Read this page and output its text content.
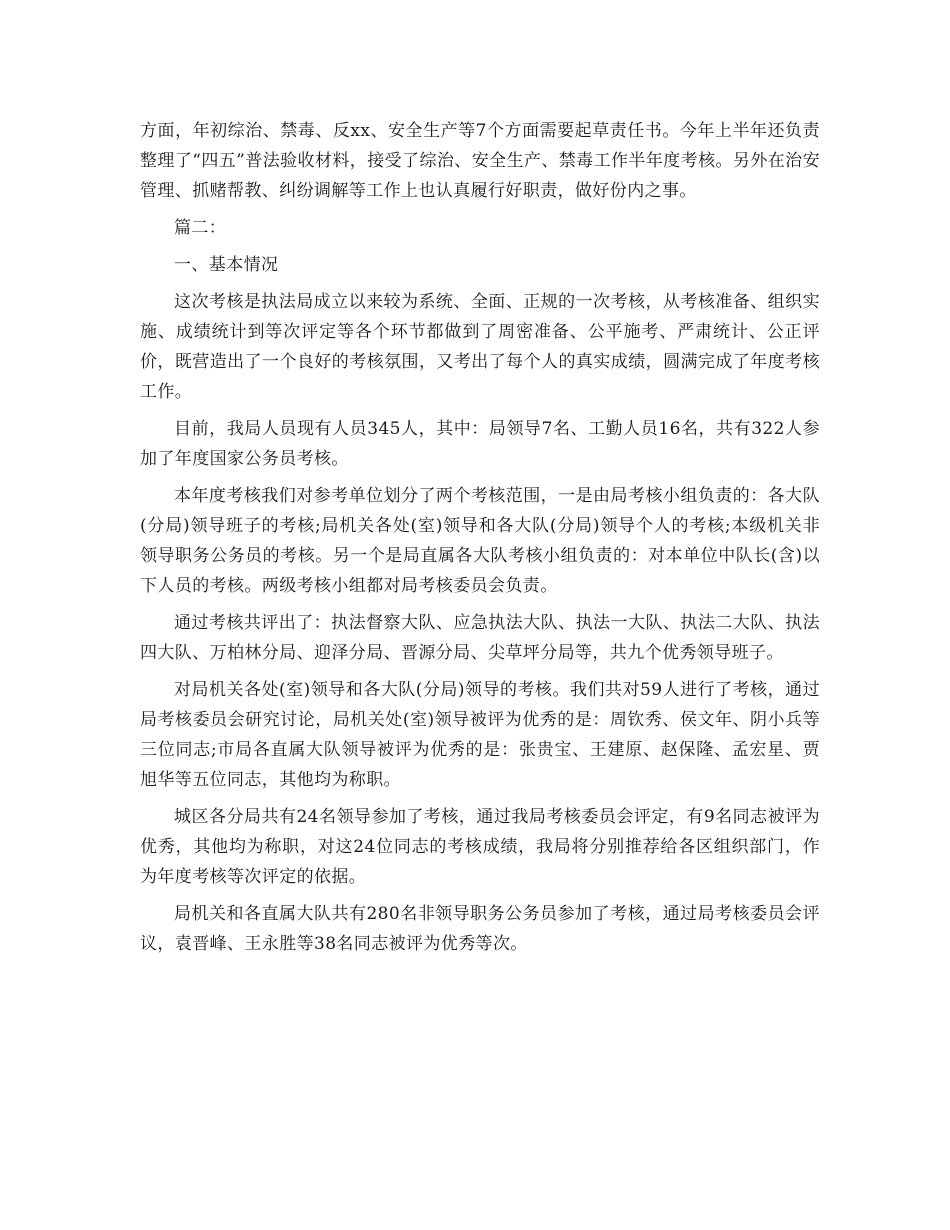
方面，年初综治、禁毒、反xx、安全生产等7个方面需要起草责任书。今年上半年还负责整理了“四五”普法验收材料，接受了综治、安全生产、禁毒工作半年度考核。另外在治安管理、抓赌帮教、纠纷调解等工作上也认真履行好职责，做好份内之事。

篇二：

一、基本情况

这次考核是执法局成立以来较为系统、全面、正规的一次考核，从考核准备、组织实施、成绩统计到等次评定等各个环节都做到了周密准备、公平施考、严肃统计、公正评价，既营造出了一个良好的考核氛围，又考出了每个人的真实成绩，圆满完成了年度考核工作。

目前，我局人员现有人员345人，其中：局领导7名、工勤人员16名，共有322人参加了年度国家公务员考核。

本年度考核我们对参考单位划分了两个考核范围，一是由局考核小组负责的：各大队(分局)领导班子的考核;局机关各处(室)领导和各大队(分局)领导个人的考核;本级机关非领导职务公务员的考核。另一个是局直属各大队考核小组负责的：对本单位中队长(含)以下人员的考核。两级考核小组都对局考核委员会负责。

通过考核共评出了：执法督察大队、应急执法大队、执法一大队、执法二大队、执法四大队、万柏林分局、迎泽分局、晋源分局、尖草坪分局等，共九个优秀领导班子。

对局机关各处(室)领导和各大队(分局)领导的考核。我们共对59人进行了考核，通过局考核委员会研究讨论，局机关处(室)领导被评为优秀的是：周钦秀、侯文年、阴小兵等三位同志;市局各直属大队领导被评为优秀的是：张贵宝、王建原、赵保隆、孟宏星、贾旭华等五位同志，其他均为称职。

城区各分局共有24名领导参加了考核，通过我局考核委员会评定，有9名同志被评为优秀，其他均为称职，对这24位同志的考核成绩，我局将分别推荐给各区组织部门，作为年度考核等次评定的依据。

局机关和各直属大队共有280名非领导职务公务员参加了考核，通过局考核委员会评议，袁晋峰、王永胜等38名同志被评为优秀等次。
